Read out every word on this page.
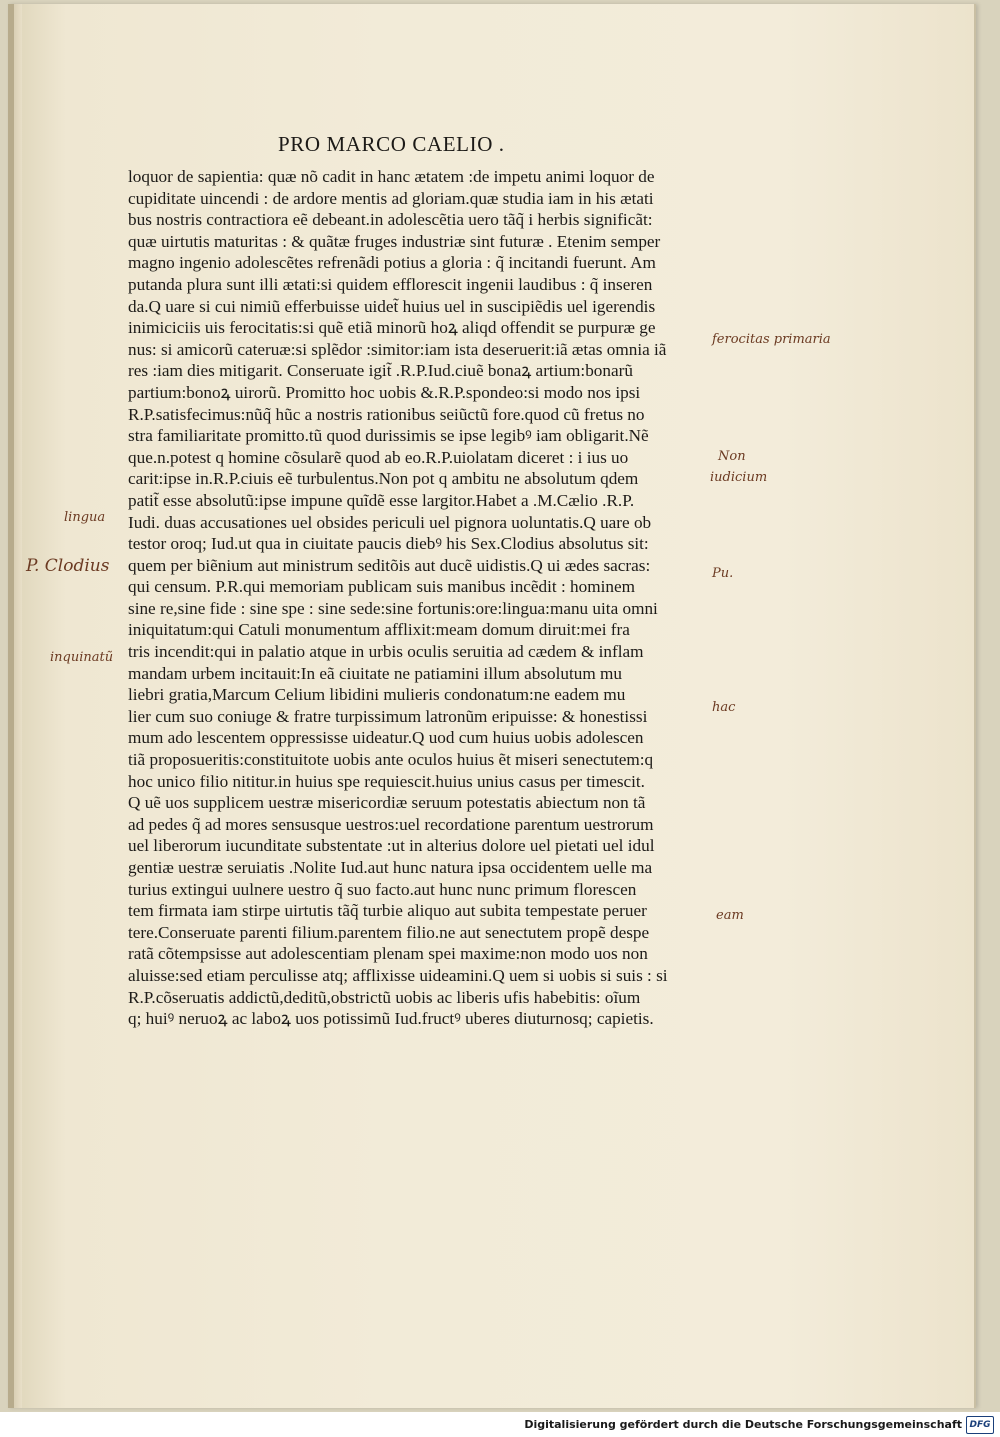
PRO MARCO CAELIO .
loquor de sapientia: quæ nõ cadit in hanc ætatem :de impetu animi loquor de
cupiditate uincendi : de ardore mentis ad gloriam.quæ studia iam in his ætati
bus nostris contractiora eẽ debeant.in adolescẽtia uero tãq̃ i herbis significãt:
quæ uirtutis maturitas : & quãtæ fruges industriæ sint futuræ . Etenim semper
magno ingenio adolescẽtes refrenãdi potius a gloria : q̃ incitandi fuerunt. Am
putanda plura sunt illi ætati:si quidem efflorescit ingenii laudibus : q̃ inseren
da.Q uare si cui nimiũ efferbuisse uidet̃ huius uel in suscipiẽdis uel igerendis
inimiciciis uis ferocitatis:si quẽ etiã minorũ hoꝝ aliqd offendit se purpuræ ge
nus: si amicorũ cateruæ:si splẽdor :simitor:iam ista deseruerit:iã ætas omnia iã
res :iam dies mitigarit. Conseruate igit̃ .R.P.Iud.ciuẽ bonaꝝ artium:bonarũ
partium:bonoꝝ uirorũ. Promitto hoc uobis &.R.P.spondeo:si modo nos ipsi
R.P.satisfecimus:nũq̃ hũc a nostris rationibus seiũctũ fore.quod cũ fretus no
stra familiaritate promitto.tũ quod durissimis se ipse legibꝰ iam obligarit.Nẽ
que.n.potest q homine cõsularẽ quod ab eo.R.P.uiolatam diceret : i ius uo
carit:ipse in.R.P.ciuis eẽ turbulentus.Non pot q ambitu ne absolutum qdem
patit̃ esse absolutũ:ipse impune quĩdẽ esse largitor.Habet a .M.Cælio .R.P.
Iudi. duas accusationes uel obsides periculi uel pignora uoluntatis.Q uare ob
testor oroq; Iud.ut qua in ciuitate paucis diebꝰ his Sex.Clodius absolutus sit:
quem per biẽnium aut ministrum seditõis aut ducẽ uidistis.Q ui ædes sacras:
qui censum. P.R.qui memoriam publicam suis manibus incẽdit : hominem
sine re,sine fide : sine spe : sine sede:sine fortunis:ore:lingua:manu uita omni
iniquitatum:qui Catuli monumentum afflixit:meam domum diruit:mei fra
tris incendit:qui in palatio atque in urbis oculis seruitia ad cædem & inflam
mandam urbem incitauit:In eã ciuitate ne patiamini illum absolutum mu
liebri gratia,Marcum Celium libidini mulieris condonatum:ne eadem mu
lier cum suo coniuge & fratre turpissimum latronũm eripuisse: & honestissi
mum ado lescentem oppressisse uideatur.Q uod cum huius uobis adolescen
tiã proposueritis:constituitote uobis ante oculos huius ẽt miseri senectutem:q
hoc unico filio nititur.in huius spe requiescit.huius unius casus per timescit.
Q uẽ uos supplicem uestræ misericordiæ seruum potestatis abiectum non tã
ad pedes q̃ ad mores sensusque uestros:uel recordatione parentum uestrorum
uel liberorum iucunditate substentate :ut in alterius dolore uel pietati uel idul
gentiæ uestræ seruiatis .Nolite Iud.aut hunc natura ipsa occidentem uelle ma
turius extingui uulnere uestro q̃ suo facto.aut hunc nunc primum florescen
tem firmata iam stirpe uirtutis tãq̃ turbie aliquo aut subita tempestate peruer
tere.Conseruate parenti filium.parentem filio.ne aut senectutem propẽ despe
ratã cõtempsisse aut adolescentiam plenam spei maxime:non modo uos non
aluisse:sed etiam perculisse atq; afflixisse uideamini.Q uem si uobis si suis : si
R.P.cõseruatis addictũ,deditũ,obstrictũ uobis ac liberis ufis habebitis: oĩum
q; huiꝰ neruoꝝ ac laboꝝ uos potissimũ Iud.fructꝰ uberes diuturnosq; capietis.
ferocitas primaria
Non
iudicium
lingua
P. Clodius	Pu.
inquinatũ
hac
eam
Digitalisierung gefördert durch die Deutsche Forschungsgemeinschaft DFG
